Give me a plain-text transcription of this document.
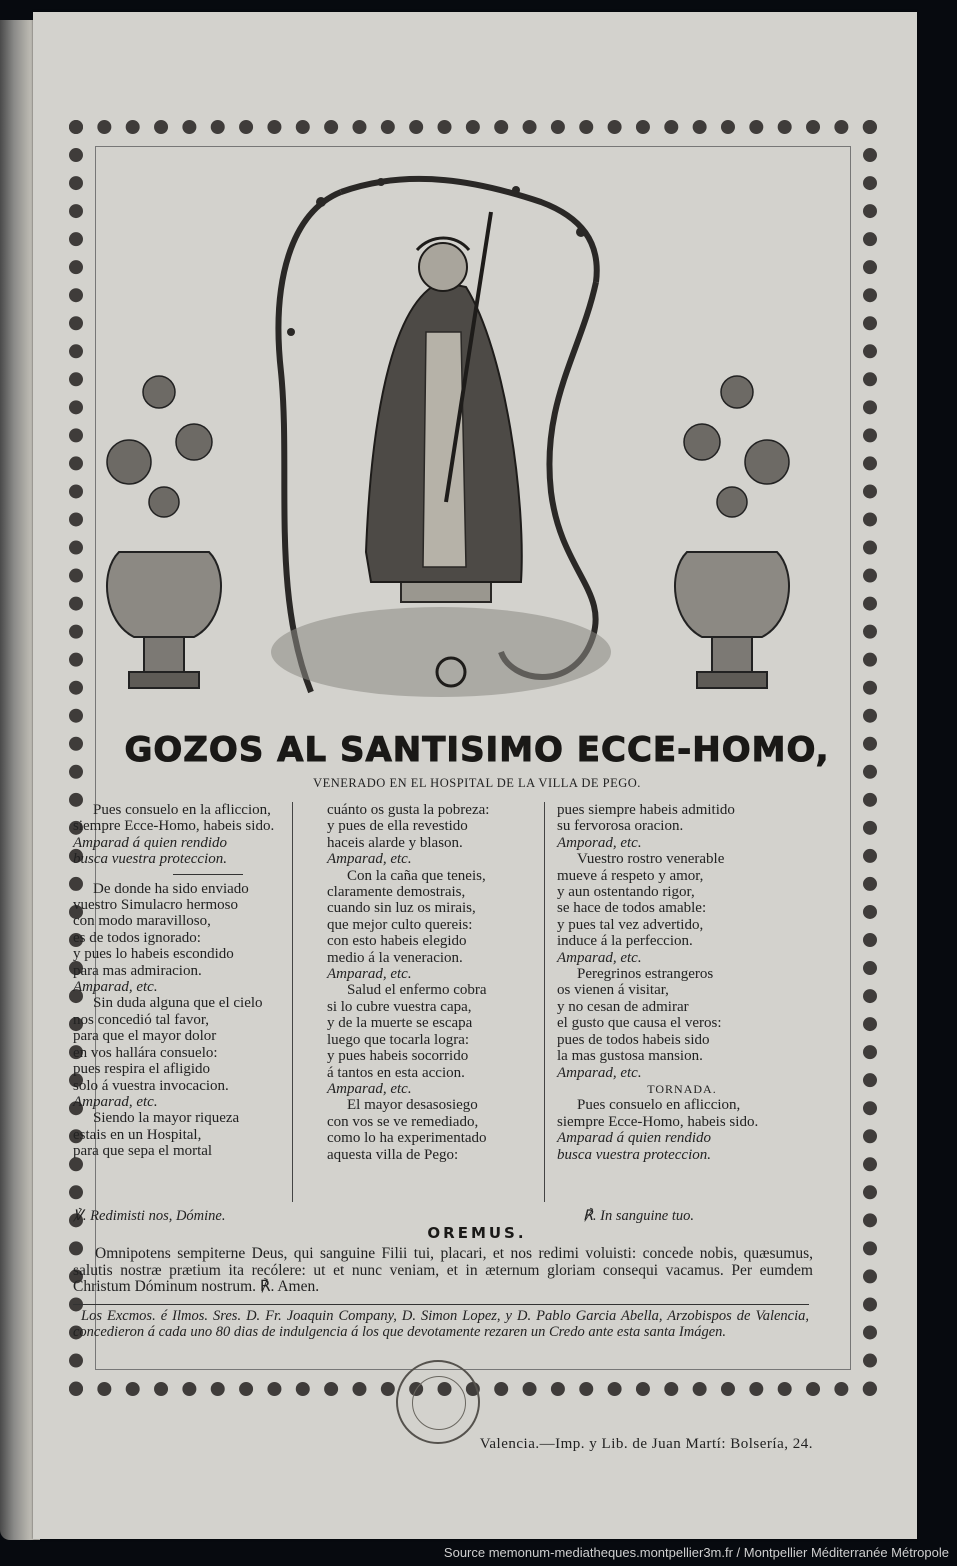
GOZOS AL SANTISIMO ECCE-HOMO,
VENERADO EN EL HOSPITAL DE LA VILLA DE PEGO.
Pues consuelo en la afliccion,
siempre Ecce-Homo, habeis sido.
Amparad á quien rendido
busca vuestra proteccion.
De donde ha sido enviado
vuestro Simulacro hermoso
con modo maravilloso,
es de todos ignorado:
y pues lo habeis escondido
para mas admiracion.
Amparad, etc.
Sin duda alguna que el cielo
nos concedió tal favor,
para que el mayor dolor
en vos hallára consuelo:
pues respira el afligido
solo á vuestra invocacion.
Amparad, etc.
Siendo la mayor riqueza
estais en un Hospital,
para que sepa el mortal
cuánto os gusta la pobreza:
y pues de ella revestido
haceis alarde y blason.
Amparad, etc.
Con la caña que teneis,
claramente demostrais,
cuando sin luz os mirais,
que mejor culto quereis:
con esto habeis elegido
medio á la veneracion.
Amparad, etc.
Salud el enfermo cobra
si lo cubre vuestra capa,
y de la muerte se escapa
luego que tocarla logra:
y pues habeis socorrido
á tantos en esta accion.
Amparad, etc.
El mayor desasosiego
con vos se ve remediado,
como lo ha experimentado
aquesta villa de Pego:
pues siempre habeis admitido
su fervorosa oracion.
Amporad, etc.
Vuestro rostro venerable
mueve á respeto y amor,
y aun ostentando rigor,
se hace de todos amable:
y pues tal vez advertido,
induce á la perfeccion.
Amparad, etc.
Peregrinos estrangeros
os vienen á visitar,
y no cesan de admirar
el gusto que causa el veros:
pues de todos habeis sido
la mas gustosa mansion.
Amparad, etc.
TORNADA.
Pues consuelo en afliccion,
siempre Ecce-Homo, habeis sido.
Amparad á quien rendido
busca vuestra proteccion.
℣. Redimisti nos, Dómine.	℟. In sanguine tuo.
OREMUS.
Omnipotens sempiterne Deus, qui sanguine Filii tui, placari, et nos redimi voluisti: concede nobis, quæsumus, salutis nostræ prætium ita recólere: ut et nunc veniam, et in æternum gloriam consequi vacamus. Per eumdem Christum Dóminum nostrum. ℟. Amen.
Los Excmos. é Ilmos. Sres. D. Fr. Joaquin Company, D. Simon Lopez, y D. Pablo Garcia Abella, Arzobispos de Valencia, concedieron á cada uno 80 dias de indulgencia á los que devotamente rezaren un Credo ante esta santa Imágen.
Valencia.—Imp. y Lib. de Juan Martí: Bolsería, 24.
Source memonum-mediatheques.montpellier3m.fr / Montpellier Méditerranée Métropole
